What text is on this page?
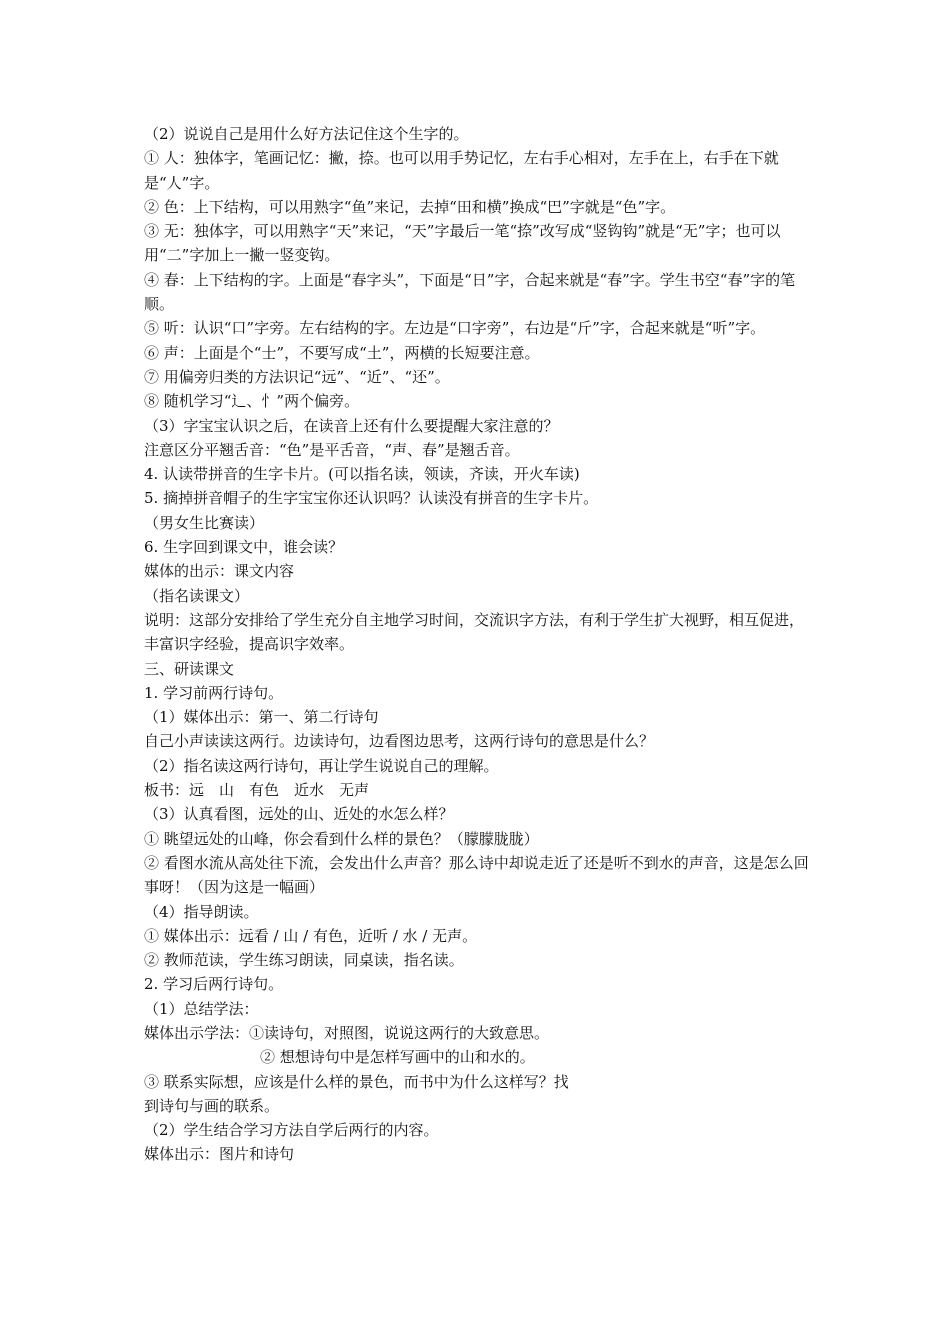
（2）说说自己是用什么好方法记住这个生字的。

① 人：独体字，笔画记忆：撇，捺。也可以用手势记忆，左右手心相对，左手在上，右手在下就是“人”字。

② 色：上下结构，可以用熟字“鱼”来记，去掉“田和横”换成“巴”字就是“色”字。

③ 无：独体字，可以用熟字“天”来记，“天”字最后一笔“捺”改写成“竖钩钩”就是“无”字；也可以用“二”字加上一撇一竖变钩。

④ 春：上下结构的字。上面是“春字头”，下面是“日”字，合起来就是“春”字。学生书空“春”字的笔顺。

⑤ 听：认识“口”字旁。左右结构的字。左边是“口字旁”，右边是“斤”字，合起来就是“听”字。

⑥ 声：上面是个“士”，不要写成“土”，两横的长短要注意。

⑦ 用偏旁归类的方法识记“远”、“近”、“还”。

⑧ 随机学习“辶、忄”两个偏旁。

（3）字宝宝认识之后，在读音上还有什么要提醒大家注意的？

注意区分平翘舌音：“色”是平舌音，“声、春”是翘舌音。

4. 认读带拼音的生字卡片。(可以指名读，领读，齐读，开火车读)

5. 摘掉拼音帽子的生字宝宝你还认识吗？认读没有拼音的生字卡片。

（男女生比赛读）

6. 生字回到课文中，谁会读？

媒体的出示：课文内容

（指名读课文）

说明：这部分安排给了学生充分自主地学习时间，交流识字方法，有利于学生扩大视野，相互促进，丰富识字经验，提高识字效率。

三、研读课文

1. 学习前两行诗句。

（1）媒体出示：第一、第二行诗句

自己小声读读这两行。边读诗句，边看图边思考，这两行诗句的意思是什么？

（2）指名读这两行诗句，再让学生说说自己的理解。

板书：远　山　有色　近水　无声

（3）认真看图，远处的山、近处的水怎么样？

① 眺望远处的山峰，你会看到什么样的景色？（朦朦胧胧）

② 看图水流从高处往下流，会发出什么声音？那么诗中却说走近了还是听不到水的声音，这是怎么回事呀！（因为这是一幅画）

（4）指导朗读。

① 媒体出示：远看 / 山 / 有色，近听 / 水 / 无声。

② 教师范读，学生练习朗读，同桌读，指名读。

2. 学习后两行诗句。

（1）总结学法：

媒体出示学法：①读诗句，对照图，说说这两行的大致意思。

② 想想诗句中是怎样写画中的山和水的。

③ 联系实际想，应该是什么样的景色，而书中为什么这样写？找

到诗句与画的联系。

（2）学生结合学习方法自学后两行的内容。

媒体出示：图片和诗句
